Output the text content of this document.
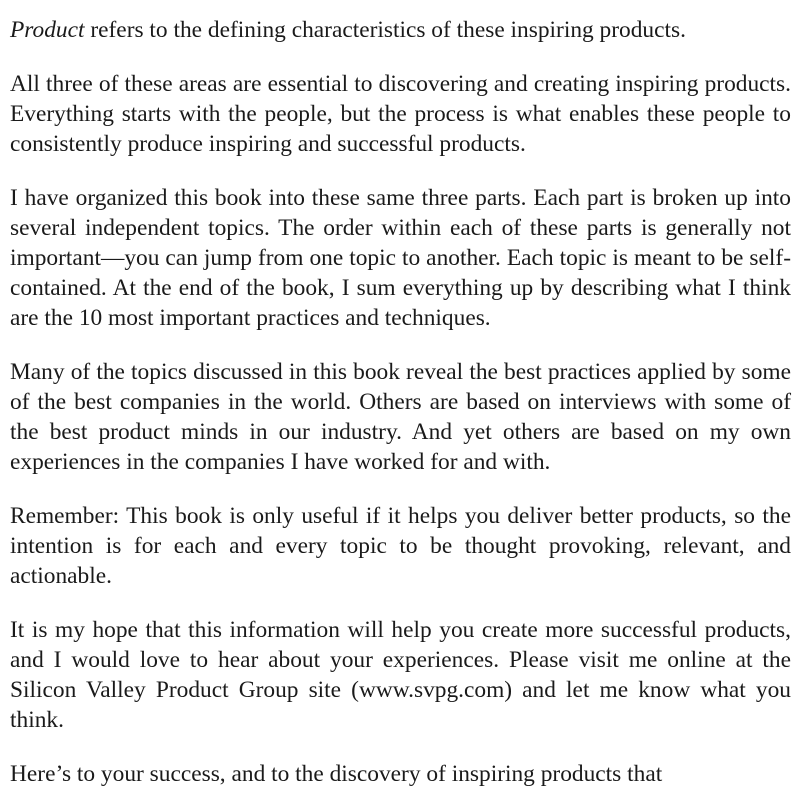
Product refers to the defining characteristics of these inspiring products.

All three of these areas are essential to discovering and creating inspiring products. Everything starts with the people, but the process is what enables these people to consistently produce inspiring and successful products.

I have organized this book into these same three parts. Each part is broken up into several independent topics. The order within each of these parts is generally not important—you can jump from one topic to another. Each topic is meant to be self-contained. At the end of the book, I sum everything up by describing what I think are the 10 most important practices and techniques.

Many of the topics discussed in this book reveal the best practices applied by some of the best companies in the world. Others are based on interviews with some of the best product minds in our industry. And yet others are based on my own experiences in the companies I have worked for and with.

Remember: This book is only useful if it helps you deliver better products, so the intention is for each and every topic to be thought provoking, relevant, and actionable.

It is my hope that this information will help you create more successful products, and I would love to hear about your experiences. Please visit me online at the Silicon Valley Product Group site (www.svpg.com) and let me know what you think.

Here’s to your success, and to the discovery of inspiring products that
